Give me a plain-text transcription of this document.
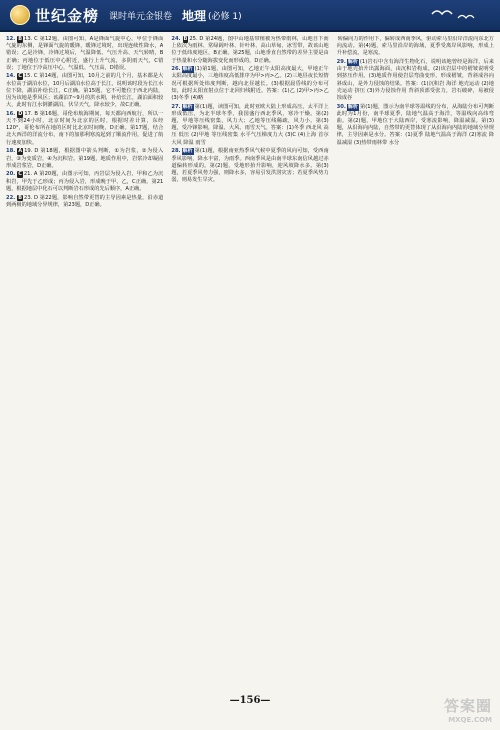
世纪金榜 课时单元金银卷 地理 (必修 1)

12. B 13. C 第12题，由图可知，A是锋面气旋中心，甲位于锋面气旋的东侧，是锋面气旋的暖锋，暖锋过境时，出现连续性降水，A错误；乙是冷锋，冷锋过境后，气温降低、气压升高、天气转晴，B正确；丙地位于低压中心附近，盛行上升气流，多阴雨天气，C错误；丁地位于冷高压中心，气温低、气压高，D错误。

14. C 15. C 第14题，由图可知，10月之前的几个月，基本都是大水位高于湖泊水位，10月后湖泊水位高于长江，说明该时段为长江水位下降，湖泊补给长江，C正确。第15题，它不可能位于西北内陆，因为该地是季风区；该湖泊7~9月的洪水期，补给长江，湖泊面积较大，此时有江水倒灌湖泊，伏旱天气，降水较少，故C正确。

16. D 17. B 第16题，哥伦布航海期间，每天都向西航行，所以一天不到24小时，北京时间为北京的区时，根据时差计算，东经120°，哥伦布所在地的区时比北京时间晚，D正确。第17题，结合北大西洋的洋流分布，南下的加那利寒流起到了顺流作用，促进了航行速度加快。

18. A 19. D 第18题，根据图中箭头判断，①为岩浆，②为侵入岩，③为变质岩，④为沉积岩。第19题，地质作用中，岩浆冷却凝固形成岩浆岩，D正确。

20. C 21. A 第20题，由图示可知，丙岩层为侵入岩，甲和乙为沉积岩，甲先于乙形成；丙为侵入岩，形成晚于甲、乙，C正确。第21题，根据地层中化石可以判断岩石形成的先后顺序，A正确。

22. B 23. D 第22题，影响自然带更替的主导因素是热量，沿赤道到两极的地域分异规律，第23题，D正确。

24. B 25. D 第24题，图中山地基带植被为热带雨林，山地自下而上依次为雨林、常绿阔叶林、针叶林、高山草甸、冰雪带，故该山地位于低纬度地区，B正确。第25题，山地垂直自然带的差异主要是由于热量和水分随海拔变化而形成的，D正确。

26. 解析 (1)第1题，由图可知，乙地正午太阳高度最大，甲地正午太阳高度最小，三地纬度高低排序为甲>丙>乙。(2)三地昼夜长短情况可根据所处纬度判断，越向北昼越长。(3)根据晨昏线的分布可知，此时太阳直射点位于北回归线附近。答案：(1)乙 (2)甲>丙>乙 (3)冬季 (4)略

27. 解析 第(1)题，读图可知，此时亚欧大陆上形成高压，太平洋上形成低压，为北半球冬季，我国盛行西北季风，寒冷干燥。第(2)题，甲地等压线密集，风力大；乙地等压线稀疏，风力小。第(3)题，受冷锋影响，降温、大风、雨雪天气。答案：(1)冬季 西北风 高压 低压 (2)甲地 等压线密集 水平气压梯度力大 (3)C (4)上海 首尔 大风 降温 雨雪

28. 解析 第(1)题，根据南亚热季风气候中夏季的风向可知，受西南季风影响，降水丰富，为雨季。西南季风是由南半球东南信风越过赤道偏转形成的。第(2)题，受地形抬升影响，迎风坡降水多。第(3)题，若夏季风势力强，则降水多，容易引发洪涝灾害；若夏季风势力弱，则易发生旱灾。

转偏向力的作用下，偏转成西南季风，驱动索马里沿岸洋流向东北方向流动。第(4)题，索马里沿岸的海域，夏季受离岸风影响，形成上升补偿流，是寒流。

29. 解析 (1)岩石中含有海洋生物化石，说明该地曾经是海洋，后来由于地壳抬升出露海面，由沉积岩构成。(2)该岩层中的褶皱说明受到挤压作用。(3)地质作用使岩层弯曲变形，形成褶皱，背斜成谷向斜成山，是外力侵蚀的结果。答案：(1)沉积岩 海洋 地壳运动 (2)地壳运动 挤压 (3)外力侵蚀作用 背斜顶部受张力，岩石破碎，易被侵蚀成谷

30. 解析 第(1)题，图示为南半球等温线的分布，从海陆分布可判断此时为1月份，南半球夏季，陆地气温高于海洋，等温线向高纬弯曲。第(2)题，甲地位于大陆西岸，受寒流影响，降温减湿。第(3)题，从沿海向内陆，自然带的更替体现了从沿海向内陆的地域分异规律，主导因素是水分。答案：(1)夏季 陆地气温高于海洋 (2)寒流 降温减湿 (3)热带雨林带 水分

—156—	答案圈
MXQE.COM
